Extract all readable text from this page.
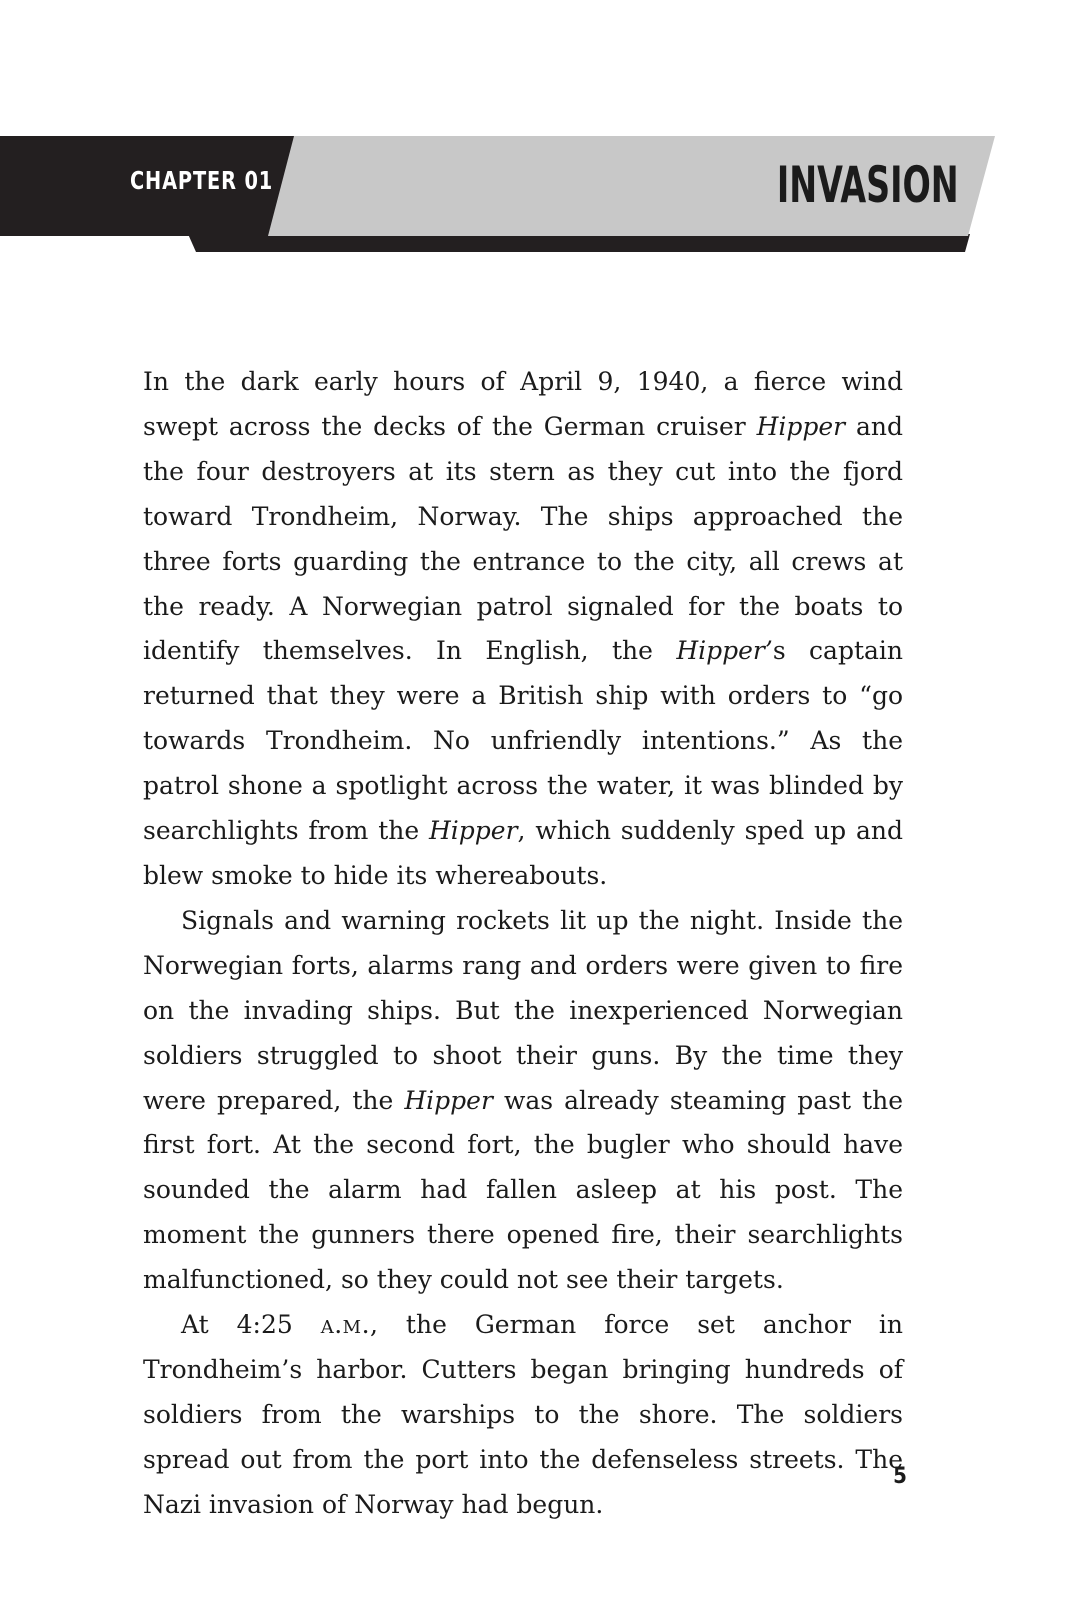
CHAPTER 01	INVASION

In the dark early hours of April 9, 1940, a fierce wind swept across the decks of the German cruiser Hipper and the four destroyers at its stern as they cut into the fjord toward Trondheim, Norway. The ships approached the three forts guarding the entrance to the city, all crews at the ready. A Norwegian patrol signaled for the boats to identify themselves. In English, the Hipper’s captain returned that they were a British ship with orders to “go towards Trondheim. No unfriendly intentions.” As the patrol shone a spotlight across the water, it was blinded by searchlights from the Hipper, which suddenly sped up and blew smoke to hide its whereabouts.

Signals and warning rockets lit up the night. Inside the Norwegian forts, alarms rang and orders were given to fire on the invading ships. But the inexperienced Norwegian soldiers struggled to shoot their guns. By the time they were prepared, the Hipper was already steaming past the first fort. At the second fort, the bugler who should have sounded the alarm had fallen asleep at his post. The moment the gunners there opened fire, their searchlights malfunctioned, so they could not see their targets.

At 4:25 a.m., the German force set anchor in Trondheim’s harbor. Cutters began bringing hundreds of soldiers from the warships to the shore. The soldiers spread out from the port into the defenseless streets. The Nazi invasion of Norway had begun.

5
